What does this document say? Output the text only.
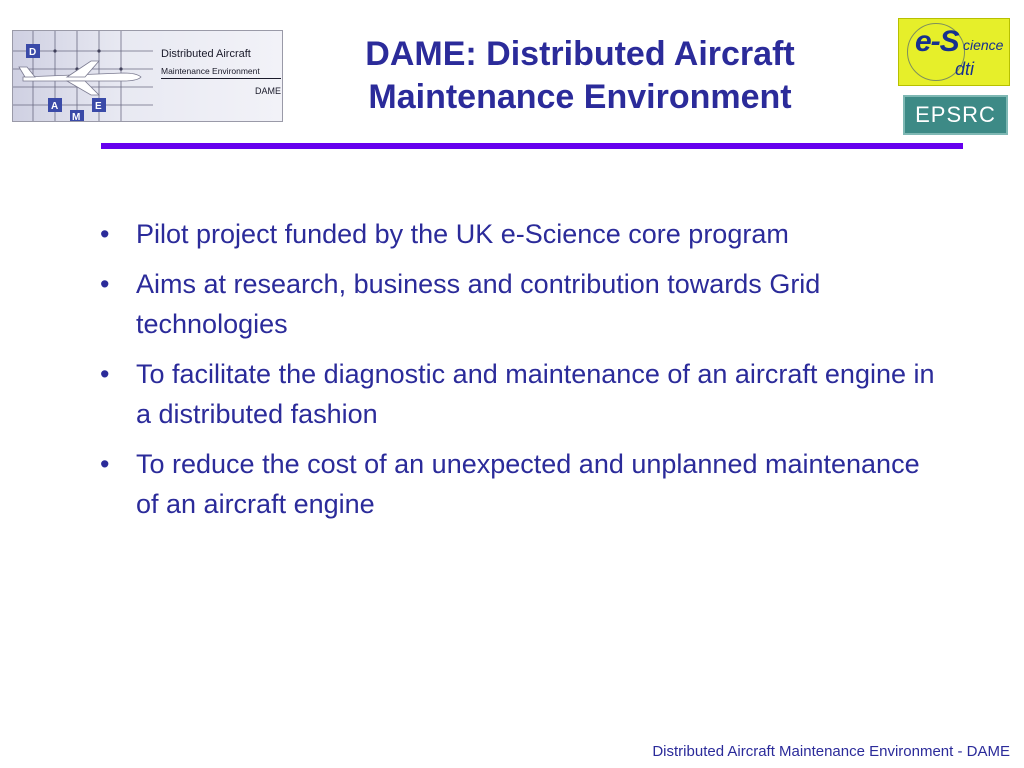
D
A	E
M
Distributed Aircraft
Maintenance Environment
DAME
DAME: Distributed Aircraft
Maintenance Environment
e-S cience
dti
EPSRC
• Pilot project funded by the UK e-Science core program
• Aims at research, business and contribution towards Grid technologies
• To facilitate the diagnostic and maintenance of an aircraft engine in a distributed fashion
• To reduce the cost of an unexpected and unplanned maintenance of an aircraft engine
Distributed Aircraft Maintenance Environment - DAME
